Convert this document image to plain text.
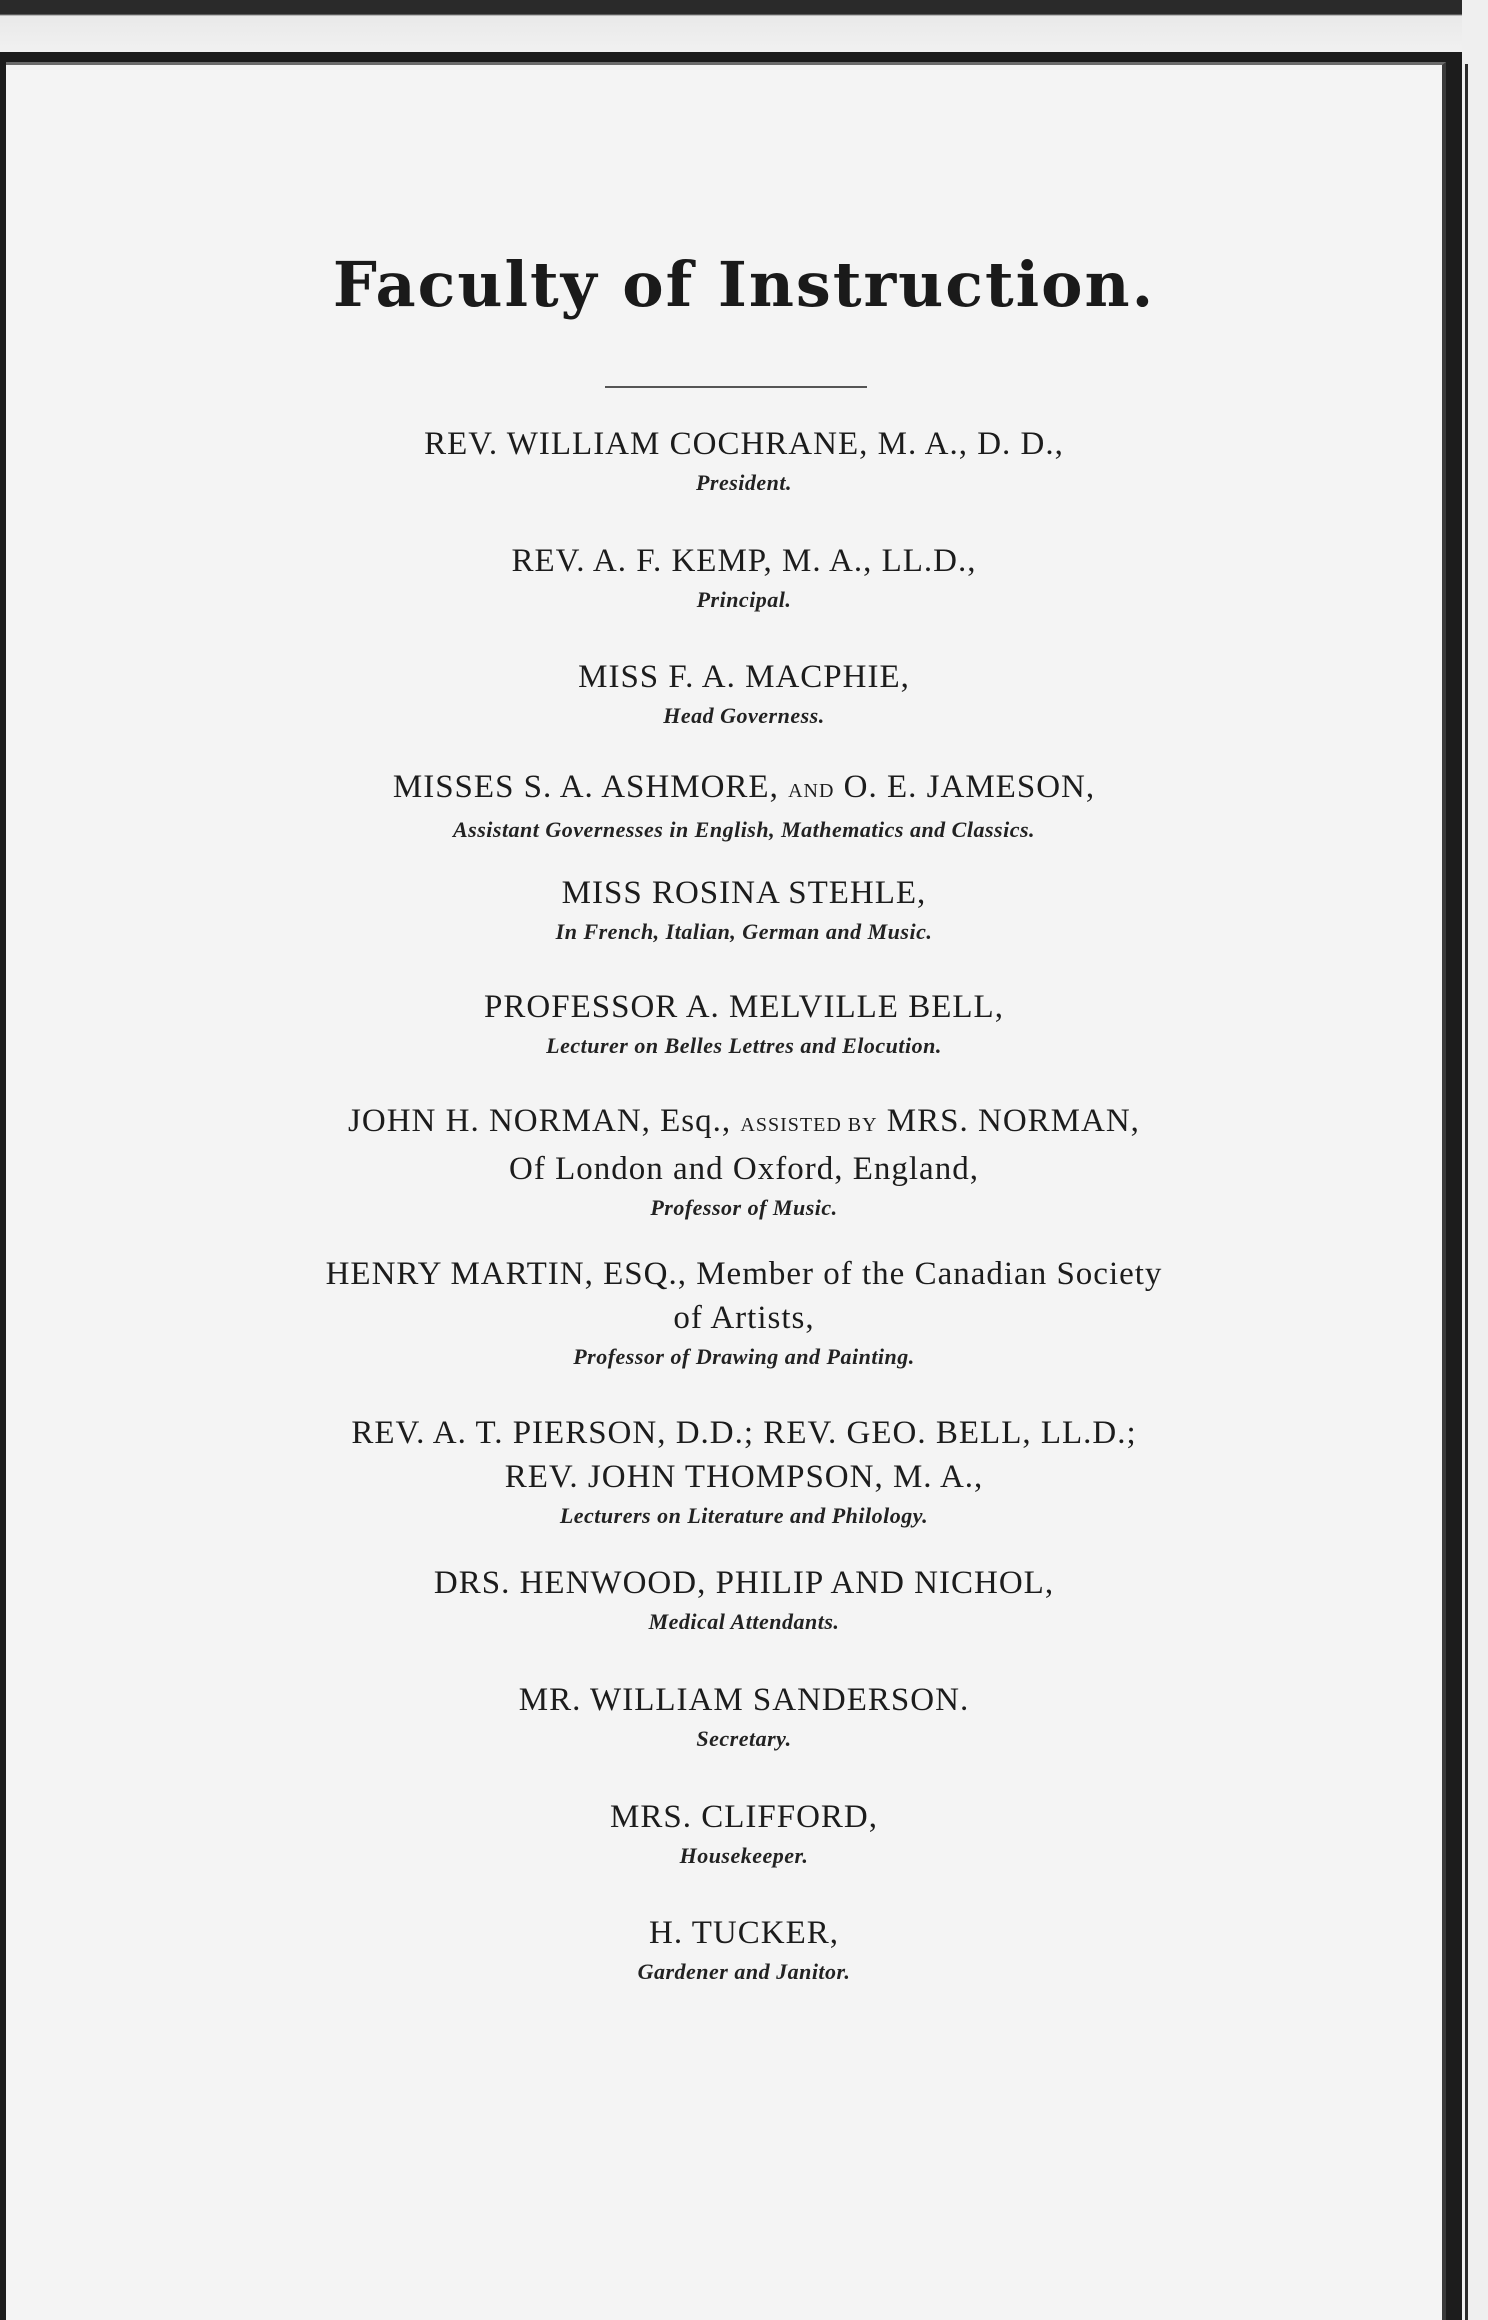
Faculty of Instruction.
REV. WILLIAM COCHRANE, M. A., D. D.,
President.
REV. A. F. KEMP, M. A., LL.D.,
Principal.
MISS F. A. MACPHIE,
Head Governess.
MISSES S. A. ASHMORE, AND O. E. JAMESON,
Assistant Governesses in English, Mathematics and Classics.
MISS ROSINA STEHLE,
In French, Italian, German and Music.
PROFESSOR A. MELVILLE BELL,
Lecturer on Belles Lettres and Elocution.
JOHN H. NORMAN, Esq., ASSISTED BY MRS. NORMAN,
Of London and Oxford, England,
Professor of Music.
HENRY MARTIN, ESQ., Member of the Canadian Society
of Artists,
Professor of Drawing and Painting.
REV. A. T. PIERSON, D.D.; REV. GEO. BELL, LL.D.;
REV. JOHN THOMPSON, M. A.,
Lecturers on Literature and Philology.
DRS. HENWOOD, PHILIP AND NICHOL,
Medical Attendants.
MR. WILLIAM SANDERSON.
Secretary.
MRS. CLIFFORD,
Housekeeper.
H. TUCKER,
Gardener and Janitor.
